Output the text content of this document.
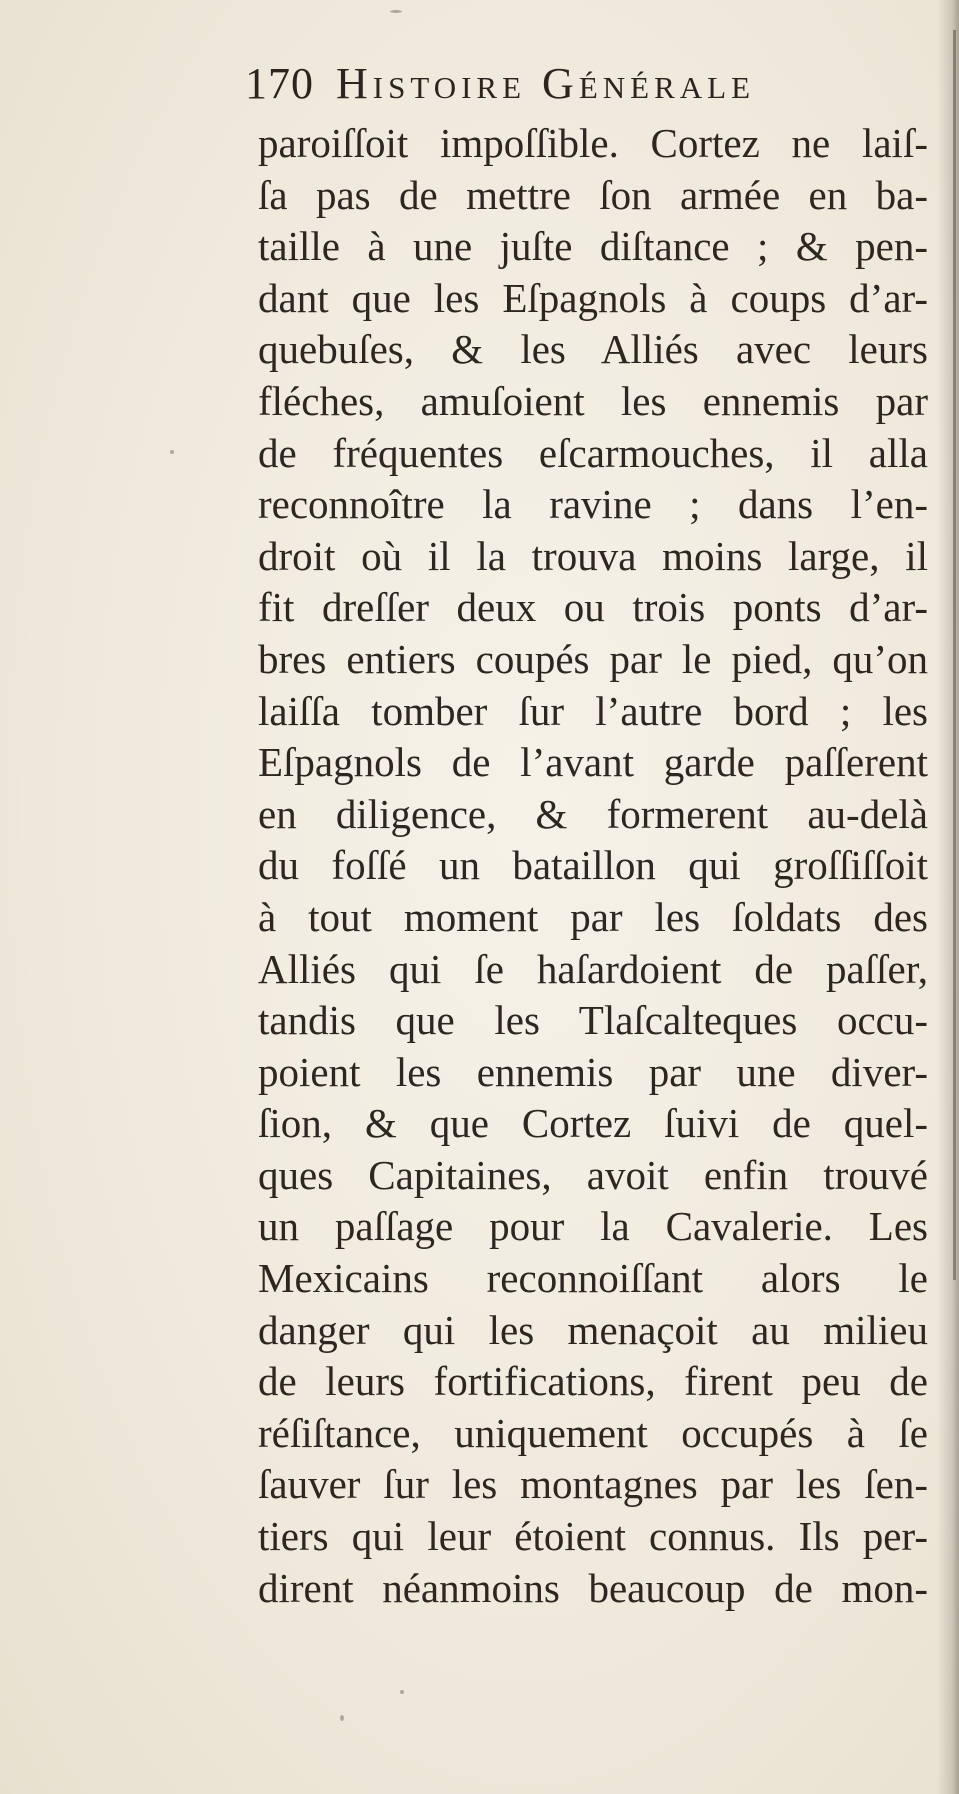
170 Histoire Générale
paroiſſoit impoſſible. Cortez ne laiſ-
ſa pas de mettre ſon armée en ba-
taille à une juſte diſtance ; & pen-
dant que les Eſpagnols à coups d’ar-
quebuſes, & les Alliés avec leurs
fléches, amuſoient les ennemis par
de fréquentes eſcarmouches, il alla
reconnoître la ravine ; dans l’en-
droit où il la trouva moins large, il
fit dreſſer deux ou trois ponts d’ar-
bres entiers coupés par le pied, qu’on
laiſſa tomber ſur l’autre bord ; les
Eſpagnols de l’avant garde paſſerent
en diligence, & formerent au-delà
du foſſé un bataillon qui groſſiſſoit
à tout moment par les ſoldats des
Alliés qui ſe haſardoient de paſſer,
tandis que les Tlaſcalteques occu-
poient les ennemis par une diver-
ſion, & que Cortez ſuivi de quel-
ques Capitaines, avoit enfin trouvé
un paſſage pour la Cavalerie. Les
Mexicains reconnoiſſant alors le
danger qui les menaçoit au milieu
de leurs fortifications, firent peu de
réſiſtance, uniquement occupés à ſe
ſauver ſur les montagnes par les ſen-
tiers qui leur étoient connus. Ils per-
dirent néanmoins beaucoup de mon-
